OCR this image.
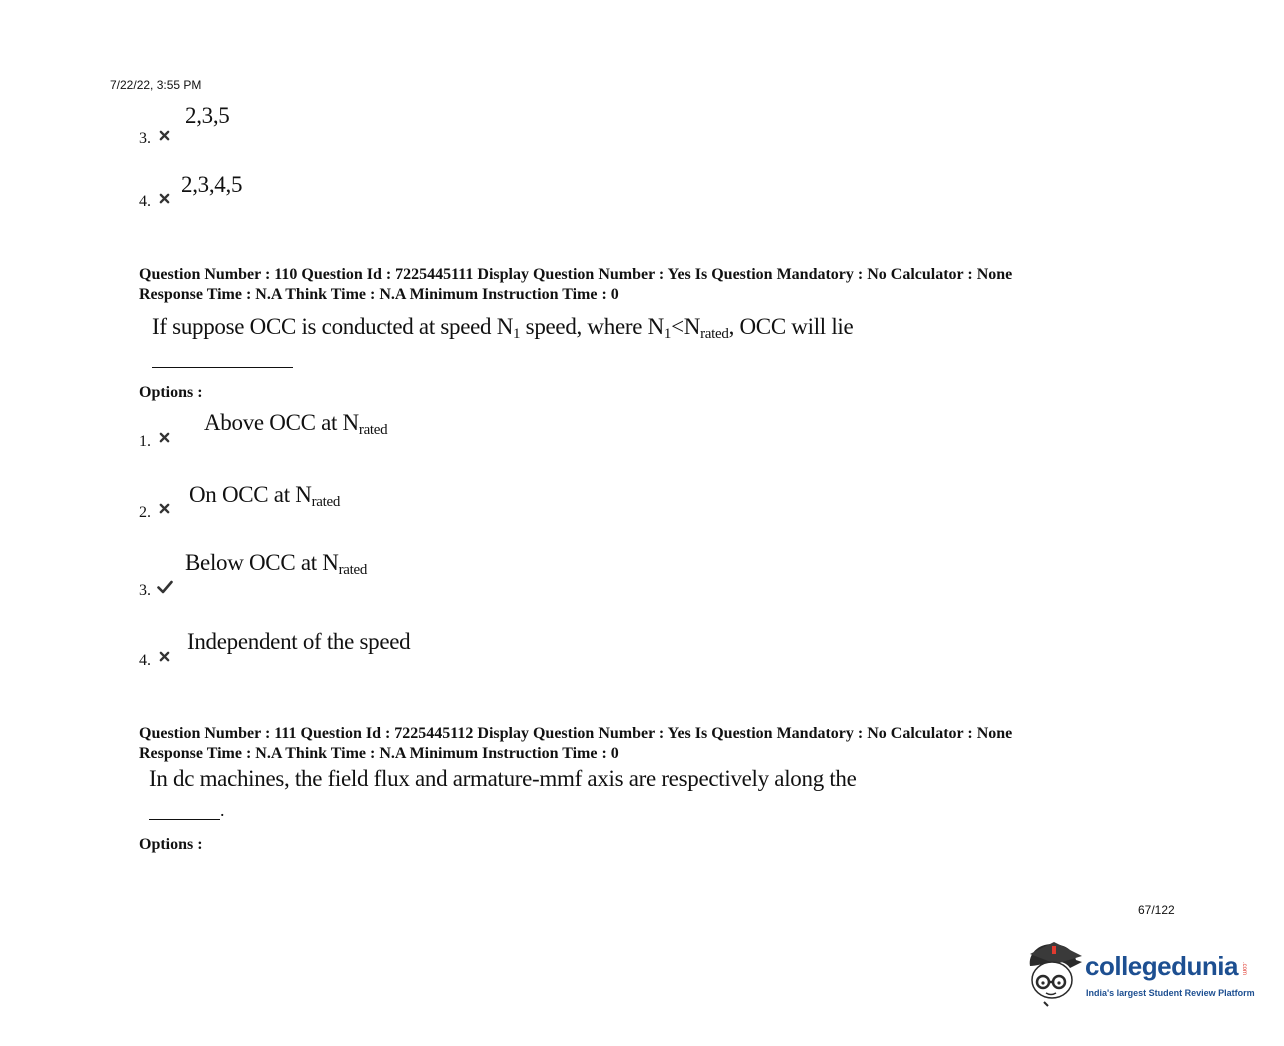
7/22/22, 3:55 PM
3.
2,3,5
4.
2,3,4,5
Question Number : 110 Question Id : 7225445111 Display Question Number : Yes Is Question Mandatory : No Calculator : None
Response Time : N.A Think Time : N.A Minimum Instruction Time : 0
If suppose OCC is conducted at speed N1 speed, where N1<Nrated, OCC will lie
Options :
1.
Above OCC at Nrated
2.
On OCC at Nrated
3.
Below OCC at Nrated
4.
Independent of the speed
Question Number : 111 Question Id : 7225445112 Display Question Number : Yes Is Question Mandatory : No Calculator : None
Response Time : N.A Think Time : N.A Minimum Instruction Time : 0
In dc machines, the field flux and armature-mmf axis are respectively along the
.
Options :
67/122
collegedunia .com
India's largest Student Review Platform
